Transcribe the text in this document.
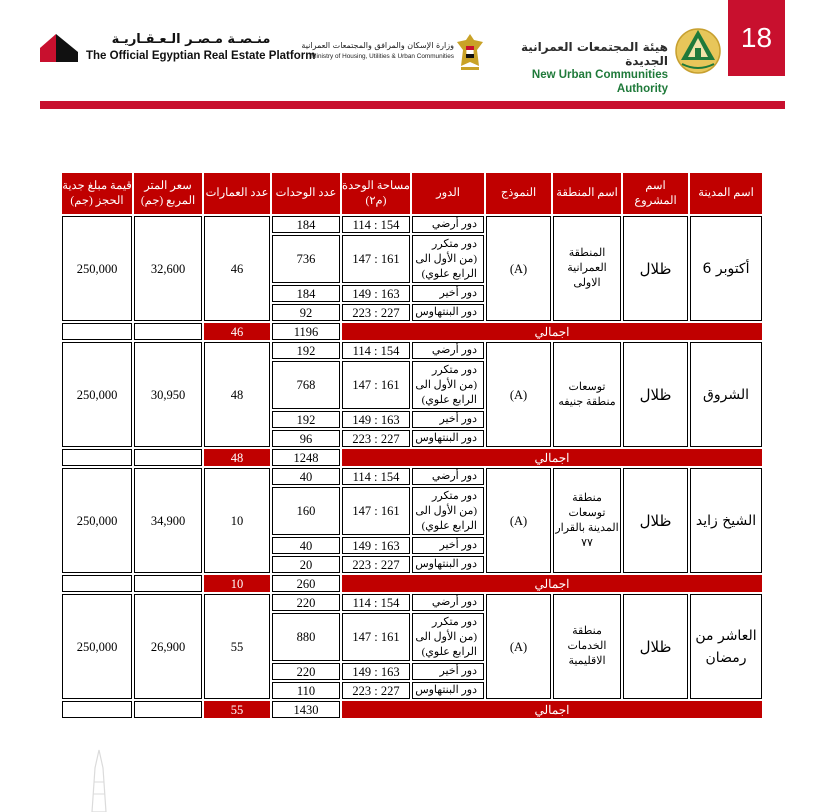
18
هيئة المجتمعات العمرانية الجديدة
New Urban Communities Authority
وزارة الإسكان والمرافق والمجتمعات العمرانية
Ministry of Housing, Utilities & Urban Communities
منـصـة مـصـر الـعـقـاريـة
The Official Egyptian Real Estate Platform
قيمة مبلغ جدية الحجز (جم)	سعر المتر المربع (جم)	عدد العمارات	عدد الوحدات	مساحة الوحدة (م٢)	الدور	النموذج	اسم المنطقة	اسم المشروع	اسم المدينة

250,000	32,600	46	184	114 : 154	دور أرضي	(A)	المنطقة العمرانية الاولى	ظلال	أكتوبر 6

736	147 : 161	دور متكرر (من الأول الى الرابع علوي)				

184	149 : 163	دور أخير				

92	223 : 227	دور البنتهاوس				

46	1196	اجمالي					

250,000	30,950	48	192	114 : 154	دور أرضي	(A)	توسعات منطقة جنيفه	ظلال	الشروق

768	147 : 161	دور متكرر (من الأول الى الرابع علوي)				

192	149 : 163	دور أخير				

96	223 : 227	دور البنتهاوس				

48	1248	اجمالي					

250,000	34,900	10	40	114 : 154	دور أرضي	(A)	منطقة توسعات المدينة بالقرار ٧٧	ظلال	الشيخ زايد

160	147 : 161	دور متكرر (من الأول الى الرابع علوي)				

40	149 : 163	دور أخير				

20	223 : 227	دور البنتهاوس				

10	260	اجمالي					

250,000	26,900	55	220	114 : 154	دور أرضي	(A)	منطقة الخدمات الاقليمية	ظلال	العاشر من رمضان

880	147 : 161	دور متكرر (من الأول الى الرابع علوي)				

220	149 : 163	دور أخير				

110	223 : 227	دور البنتهاوس				

55	1430	اجمالي					
